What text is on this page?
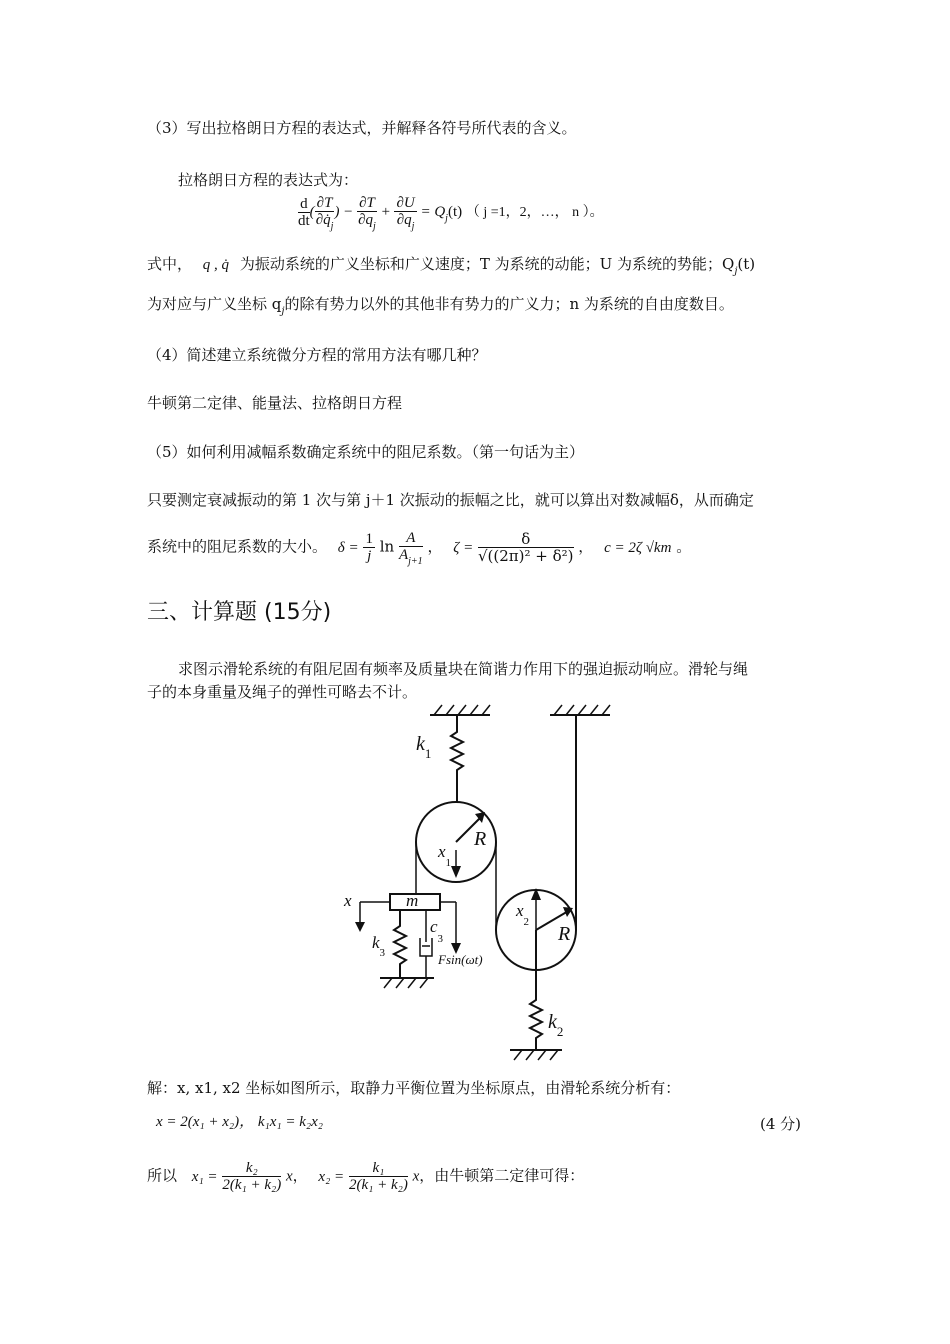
（3）写出拉格朗日方程的表达式，并解释各符号所代表的含义。
拉格朗日方程的表达式为：
$\frac{d}{dt}$ ( $\frac{\partial T}{\partial q̇_j}$ ) − $\frac{\partial T}{\partial q_j} + \frac{\partial U}{\partial q_j} = Q_j(t)$ （ j =1，2，…， n ）。
式中， q , q̇ 为振动系统的广义坐标和广义速度；T 为系统的动能；U 为系统的势能；$Q_j(t)$
为对应与广义坐标 $q_j$的除有势力以外的其他非有势力的广义力；n 为系统的自由度数目。
（4）简述建立系统微分方程的常用方法有哪几种？
牛顿第二定律、能量法、拉格朗日方程
（5）如何利用减幅系数确定系统中的阻尼系数。（第一句话为主）
只要测定衰减振动的第 1 次与第 j＋1 次振动的振幅之比，就可以算出对数减幅δ，从而确定
系统中的阻尼系数的大小。 $\delta = \frac{1}{j}$ $\ln \frac{A}{A_{j+1}}$ ， $\zeta = \frac{\delta}{\text{√((2π)² + δ²)}}$ ， c = 2ζ √km 。
三、计算题 (15分)
求图示滑轮系统的有阻尼固有频率及质量块在简谐力作用下的强迫振动响应。滑轮与绳
子的本身重量及绳子的弹性可略去不计。
$k_1$
R
$x_1$
$x_2$
R
x	m
$k_3$
$c_3$
Fsin(ωt)
$k_2$
解：x, x1, x2 坐标如图所示，取静力平衡位置为坐标原点，由滑轮系统分析有：
x = 2(x₁ + x₂)， k₁x₁ = k₂x₂	(4 分)
所以 $x_1 = \frac{\text{k₂}}{\text{2(k₁ + k₂)}}$ x， $x_2 = \frac{\text{k₁}}{\text{2(k₁ + k₂)}}$ x，由牛顿第二定律可得：
